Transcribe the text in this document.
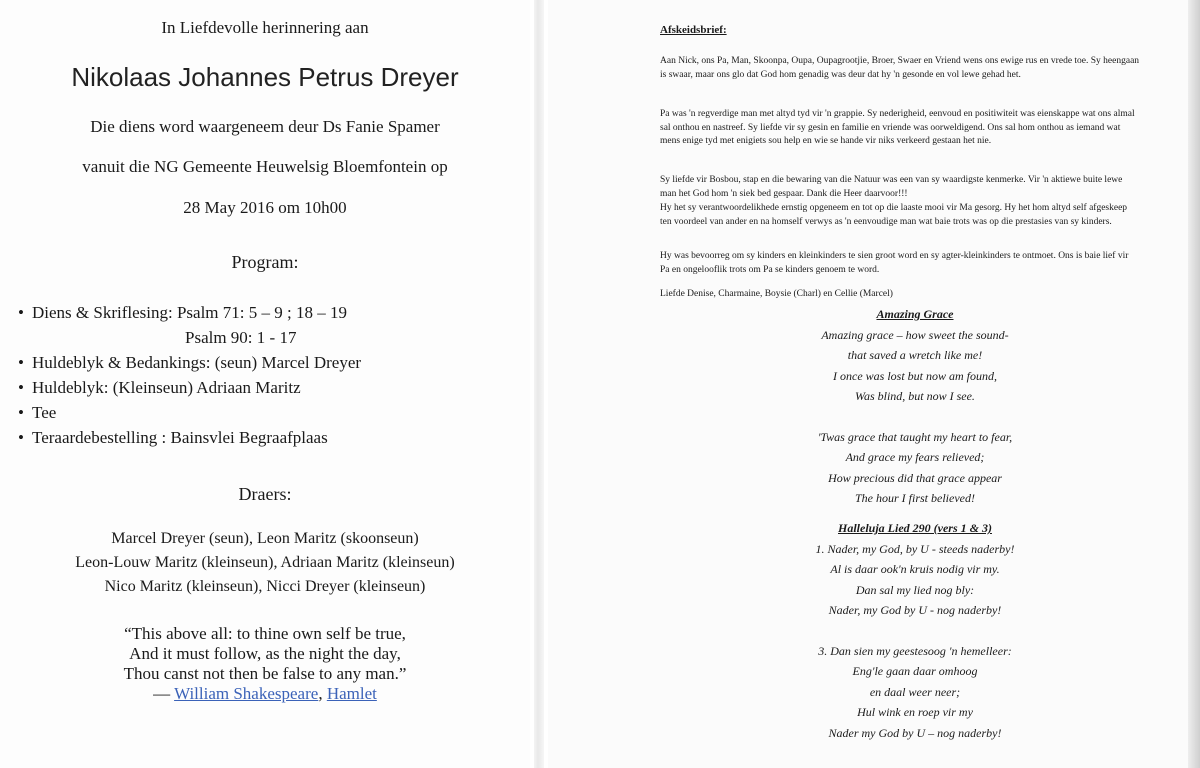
In Liefdevolle herinnering aan
Nikolaas Johannes Petrus Dreyer
Die diens word waargeneem deur Ds Fanie Spamer
vanuit die NG Gemeente Heuwelsig Bloemfontein op
28 May 2016 om 10h00
Program:
• Diens & Skriflesing: Psalm 71: 5 – 9 ; 18 – 19
Psalm 90: 1 - 17
• Huldeblyk & Bedankings: (seun) Marcel Dreyer
• Huldeblyk: (Kleinseun) Adriaan Maritz
• Tee
• Teraardebestelling : Bainsvlei Begraafplaas
Draers:
Marcel Dreyer (seun), Leon Maritz (skoonseun)
Leon-Louw Maritz (kleinseun), Adriaan Maritz (kleinseun)
Nico Maritz (kleinseun), Nicci Dreyer (kleinseun)
“This above all: to thine own self be true,
And it must follow, as the night the day,
Thou canst not then be false to any man.”
— William Shakespeare, Hamlet
Afskeidsbrief:
Aan Nick, ons Pa, Man, Skoonpa, Oupa, Oupagrootjie, Broer, Swaer en Vriend wens ons ewige rus en vrede toe. Sy heengaan is swaar, maar ons glo dat God hom genadig was deur dat hy 'n gesonde en vol lewe gehad het.
Pa was 'n regverdige man met altyd tyd vir 'n grappie. Sy nederigheid, eenvoud en positiwiteit was eienskappe wat ons almal sal onthou en nastreef. Sy liefde vir sy gesin en familie en vriende was oorweldigend. Ons sal hom onthou as iemand wat mens enige tyd met enigiets sou help en wie se hande vir niks verkeerd gestaan het nie.
Sy liefde vir Bosbou, stap en die bewaring van die Natuur was een van sy waardigste kenmerke. Vir 'n aktiewe buite lewe man het God hom 'n siek bed gespaar. Dank die Heer daarvoor!!!
Hy het sy verantwoordelikhede ernstig opgeneem en tot op die laaste mooi vir Ma gesorg. Hy het hom altyd self afgeskeep ten voordeel van ander en na homself verwys as 'n eenvoudige man wat baie trots was op die prestasies van sy kinders.
Hy was bevoorreg om sy kinders en kleinkinders te sien groot word en sy agter-kleinkinders te ontmoet. Ons is baie lief vir Pa en ongelooflik trots om Pa se kinders genoem te word.
Liefde Denise, Charmaine, Boysie (Charl) en Cellie (Marcel)
Amazing Grace
Amazing grace – how sweet the sound-
that saved a wretch like me!
I once was lost but now am found,
Was blind, but now I see.
'Twas grace that taught my heart to fear,
And grace my fears relieved;
How precious did that grace appear
The hour I first believed!
Halleluja Lied 290 (vers 1 & 3)
1. Nader, my God, by U - steeds naderby!
Al is daar ook'n kruis nodig vir my.
Dan sal my lied nog bly:
Nader, my God by U - nog naderby!
3. Dan sien my geestesoog 'n hemelleer:
Eng'le gaan daar omhoog
en daal weer neer;
Hul wink en roep vir my
Nader my God by U – nog naderby!
